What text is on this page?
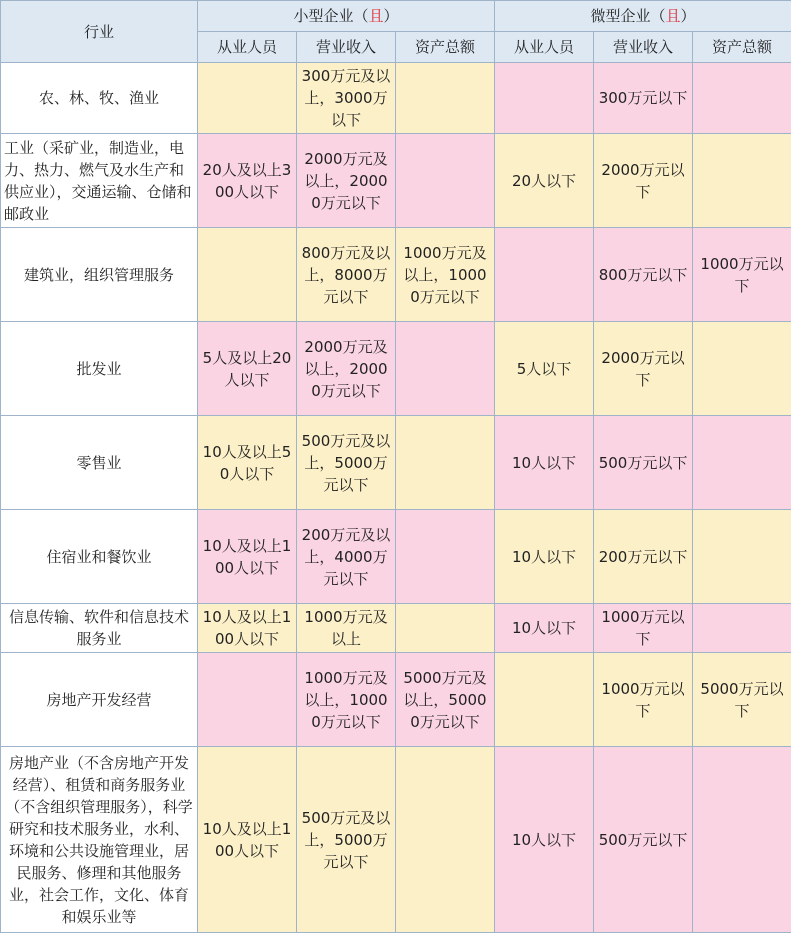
行业	小型企业（且）			微型企业（且）		
	从业人员	营业收入	资产总额	从业人员	营业收入	资产总额
农、林、牧、渔业		300万元及以上，3000万以下			300万元以下	
工业（采矿业，制造业，电力、热力、燃气及水生产和供应业），交通运输、仓储和邮政业	20人及以上300人以下	2000万元及以上，20000万元以下		20人以下	2000万元以下	
建筑业，组织管理服务		800万元及以上，8000万元以下	1000万元及以上，10000万元以下		800万元以下	1000万元以下
批发业	5人及以上20人以下	2000万元及以上，20000万元以下		5人以下	2000万元以下	
零售业	10人及以上50人以下	500万元及以上，5000万元以下		10人以下	500万元以下	
住宿业和餐饮业	10人及以上100人以下	200万元及以上，4000万元以下		10人以下	200万元以下	
信息传输、软件和信息技术服务业	10人及以上100人以下	1000万元及以上		10人以下	1000万元以下	
房地产开发经营		1000万元及以上，10000万元以下	5000万元及以上，50000万元以下		1000万元以下	5000万元以下
房地产业（不含房地产开发经营）、租赁和商务服务业（不含组织管理服务），科学研究和技术服务业，水利、环境和公共设施管理业，居民服务、修理和其他服务业，社会工作，文化、体育和娱乐业等	10人及以上100人以下	500万元及以上，5000万元以下		10人以下	500万元以下	
